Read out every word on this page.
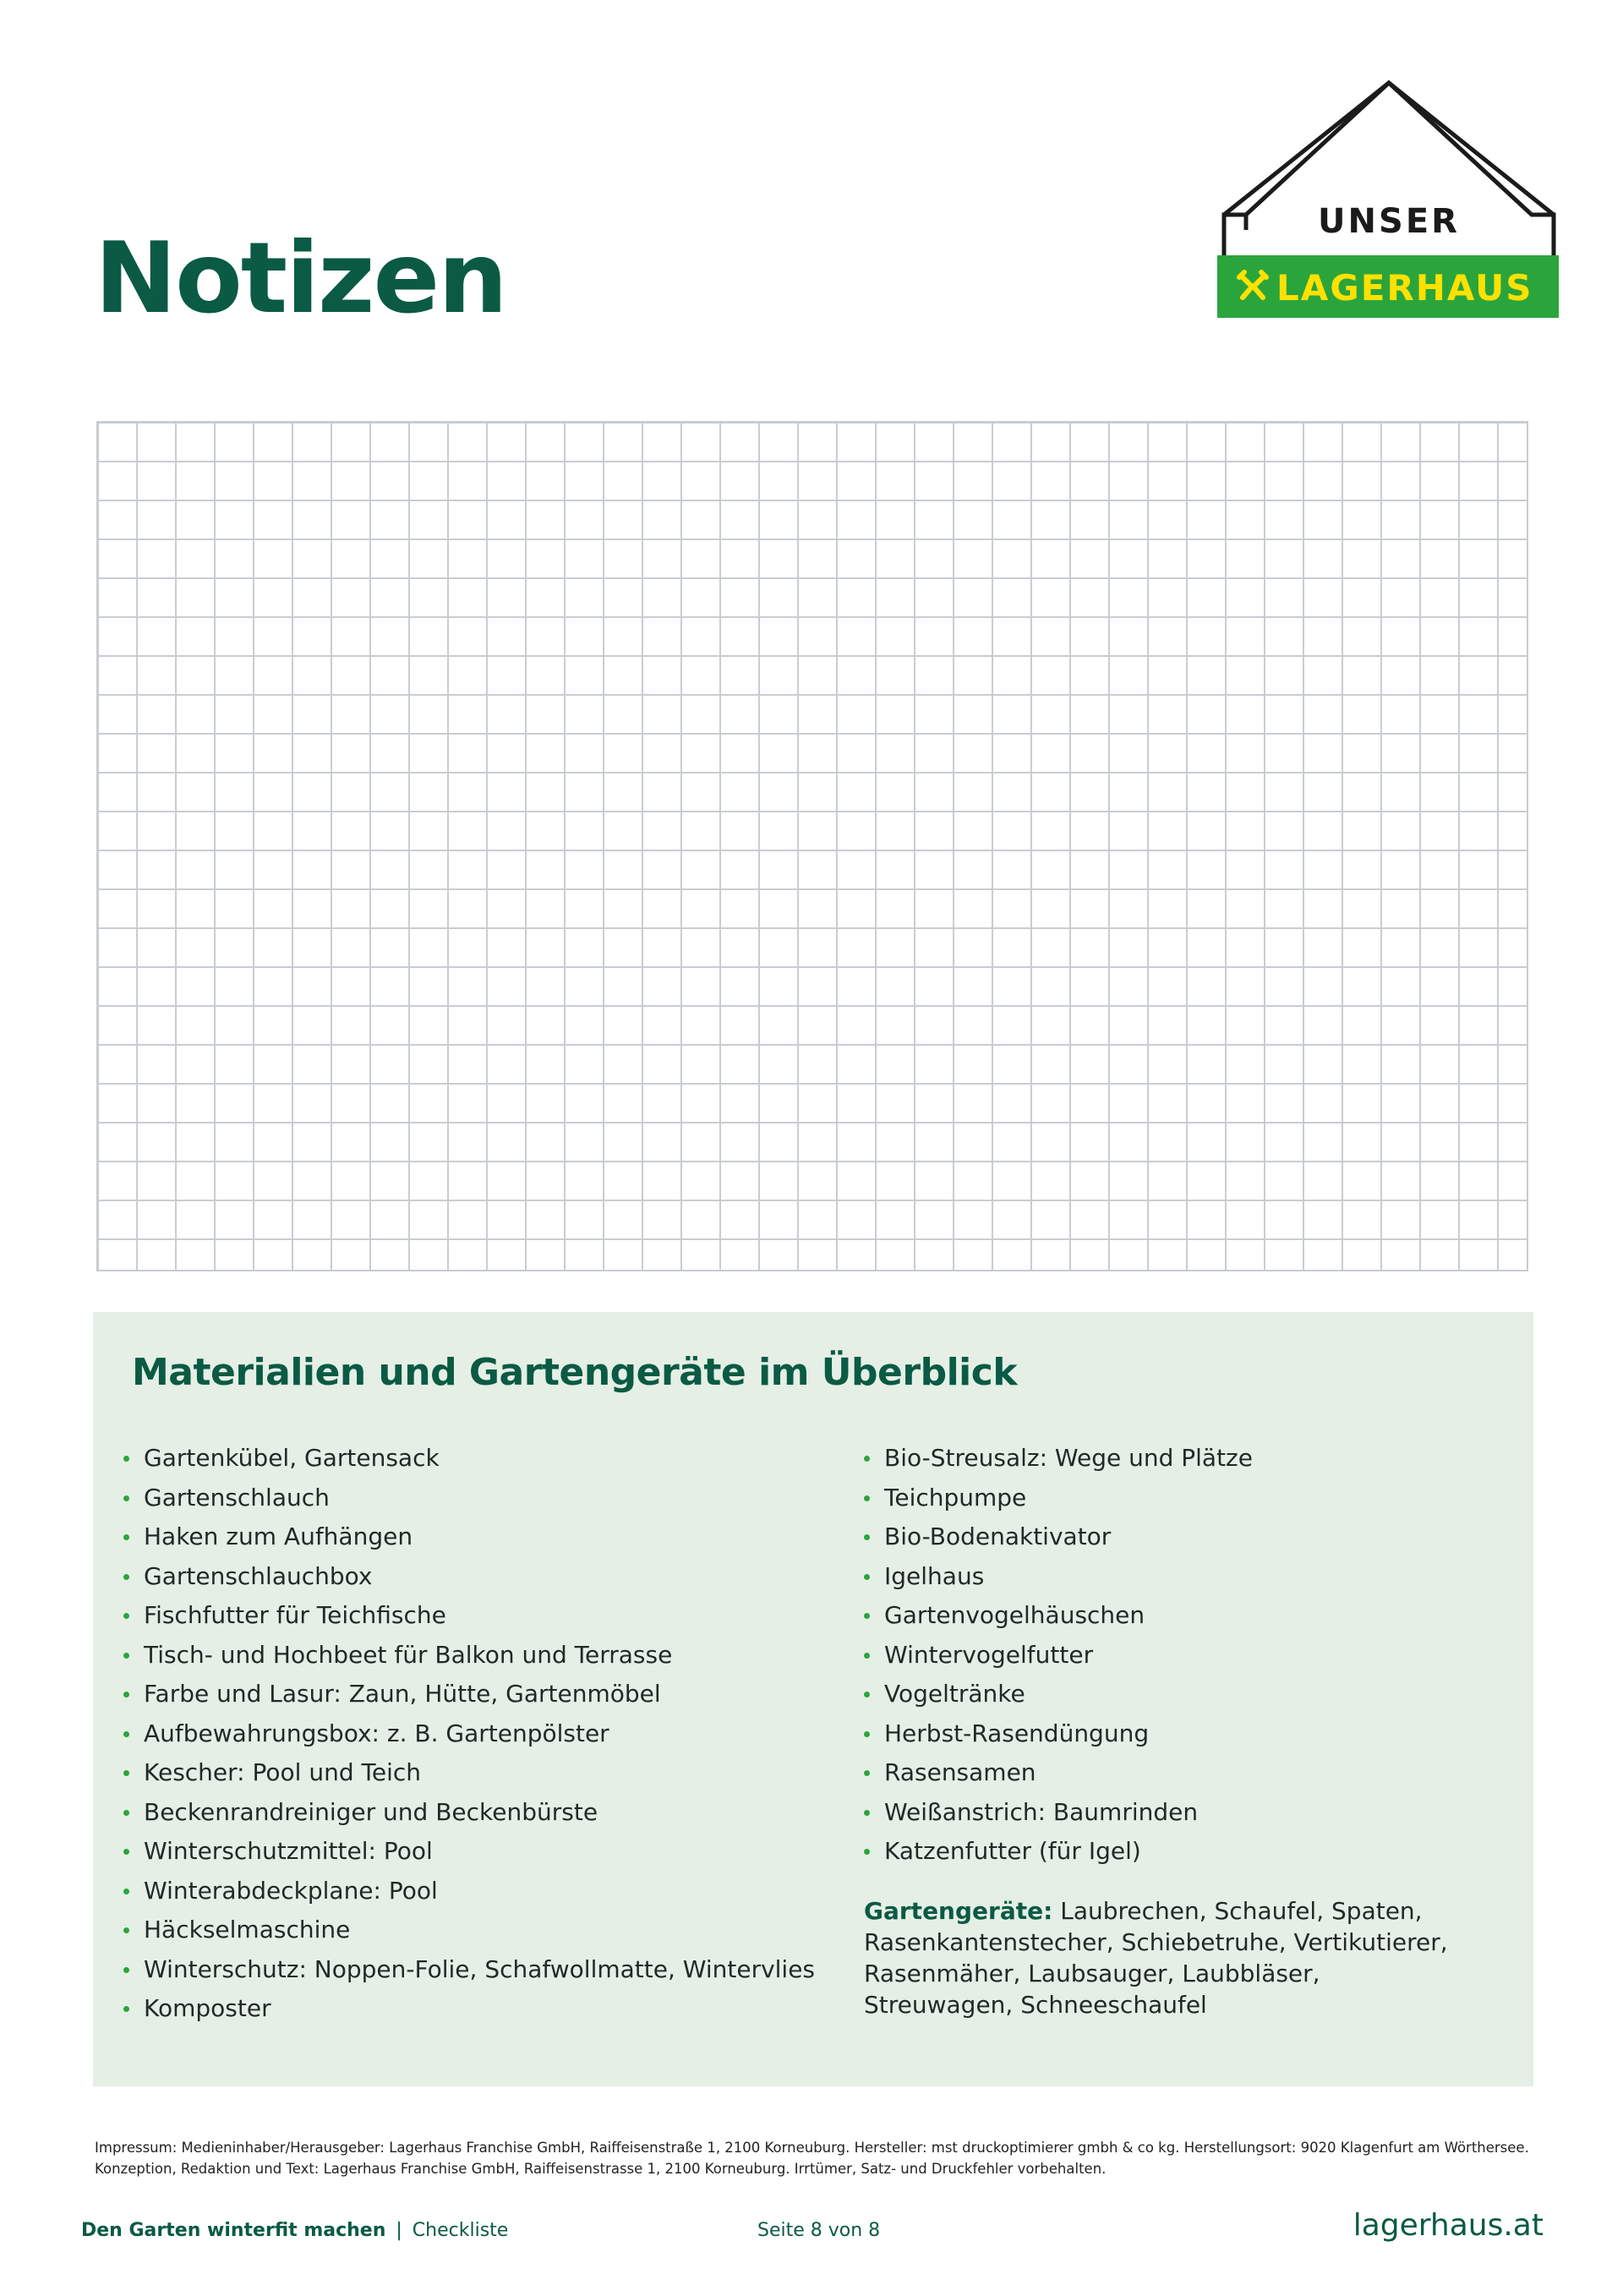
Notizen	UNSER
LAGERHAUS
Materialien und Gartengeräte im Überblick
Gartenkübel, Gartensack
Gartenschlauch
Haken zum Aufhängen
Gartenschlauchbox
Fischfutter für Teichfische
Tisch- und Hochbeet für Balkon und Terrasse
Farbe und Lasur: Zaun, Hütte, Gartenmöbel
Aufbewahrungsbox: z. B. Gartenpölster
Kescher: Pool und Teich
Beckenrandreiniger und Beckenbürste
Winterschutzmittel: Pool
Winterabdeckplane: Pool
Häckselmaschine
Winterschutz: Noppen-Folie, Schafwollmatte, Wintervlies
Komposter
Bio-Streusalz: Wege und Plätze
Teichpumpe
Bio-Bodenaktivator
Igelhaus
Gartenvogelhäuschen
Wintervogelfutter
Vogeltränke
Herbst-Rasendüngung
Rasensamen
Weißanstrich: Baumrinden
Katzenfutter (für Igel)
Gartengeräte: Laubrechen, Schaufel, Spaten, Rasenkantenstecher, Schiebetruhe, Vertikutierer, Rasenmäher, Laubsauger, Laubbläser, Streuwagen, Schneeschaufel
Impressum: Medieninhaber/Herausgeber: Lagerhaus Franchise GmbH, Raiffeisenstraße 1, 2100 Korneuburg. Hersteller: mst druckoptimierer gmbh & co kg. Herstellungsort: 9020 Klagenfurt am Wörthersee.
Konzeption, Redaktion und Text: Lagerhaus Franchise GmbH, Raiffeisenstrasse 1, 2100 Korneuburg. Irrtümer, Satz- und Druckfehler vorbehalten.
Den Garten winterfit machen | Checkliste	Seite 8 von 8	lagerhaus.at
